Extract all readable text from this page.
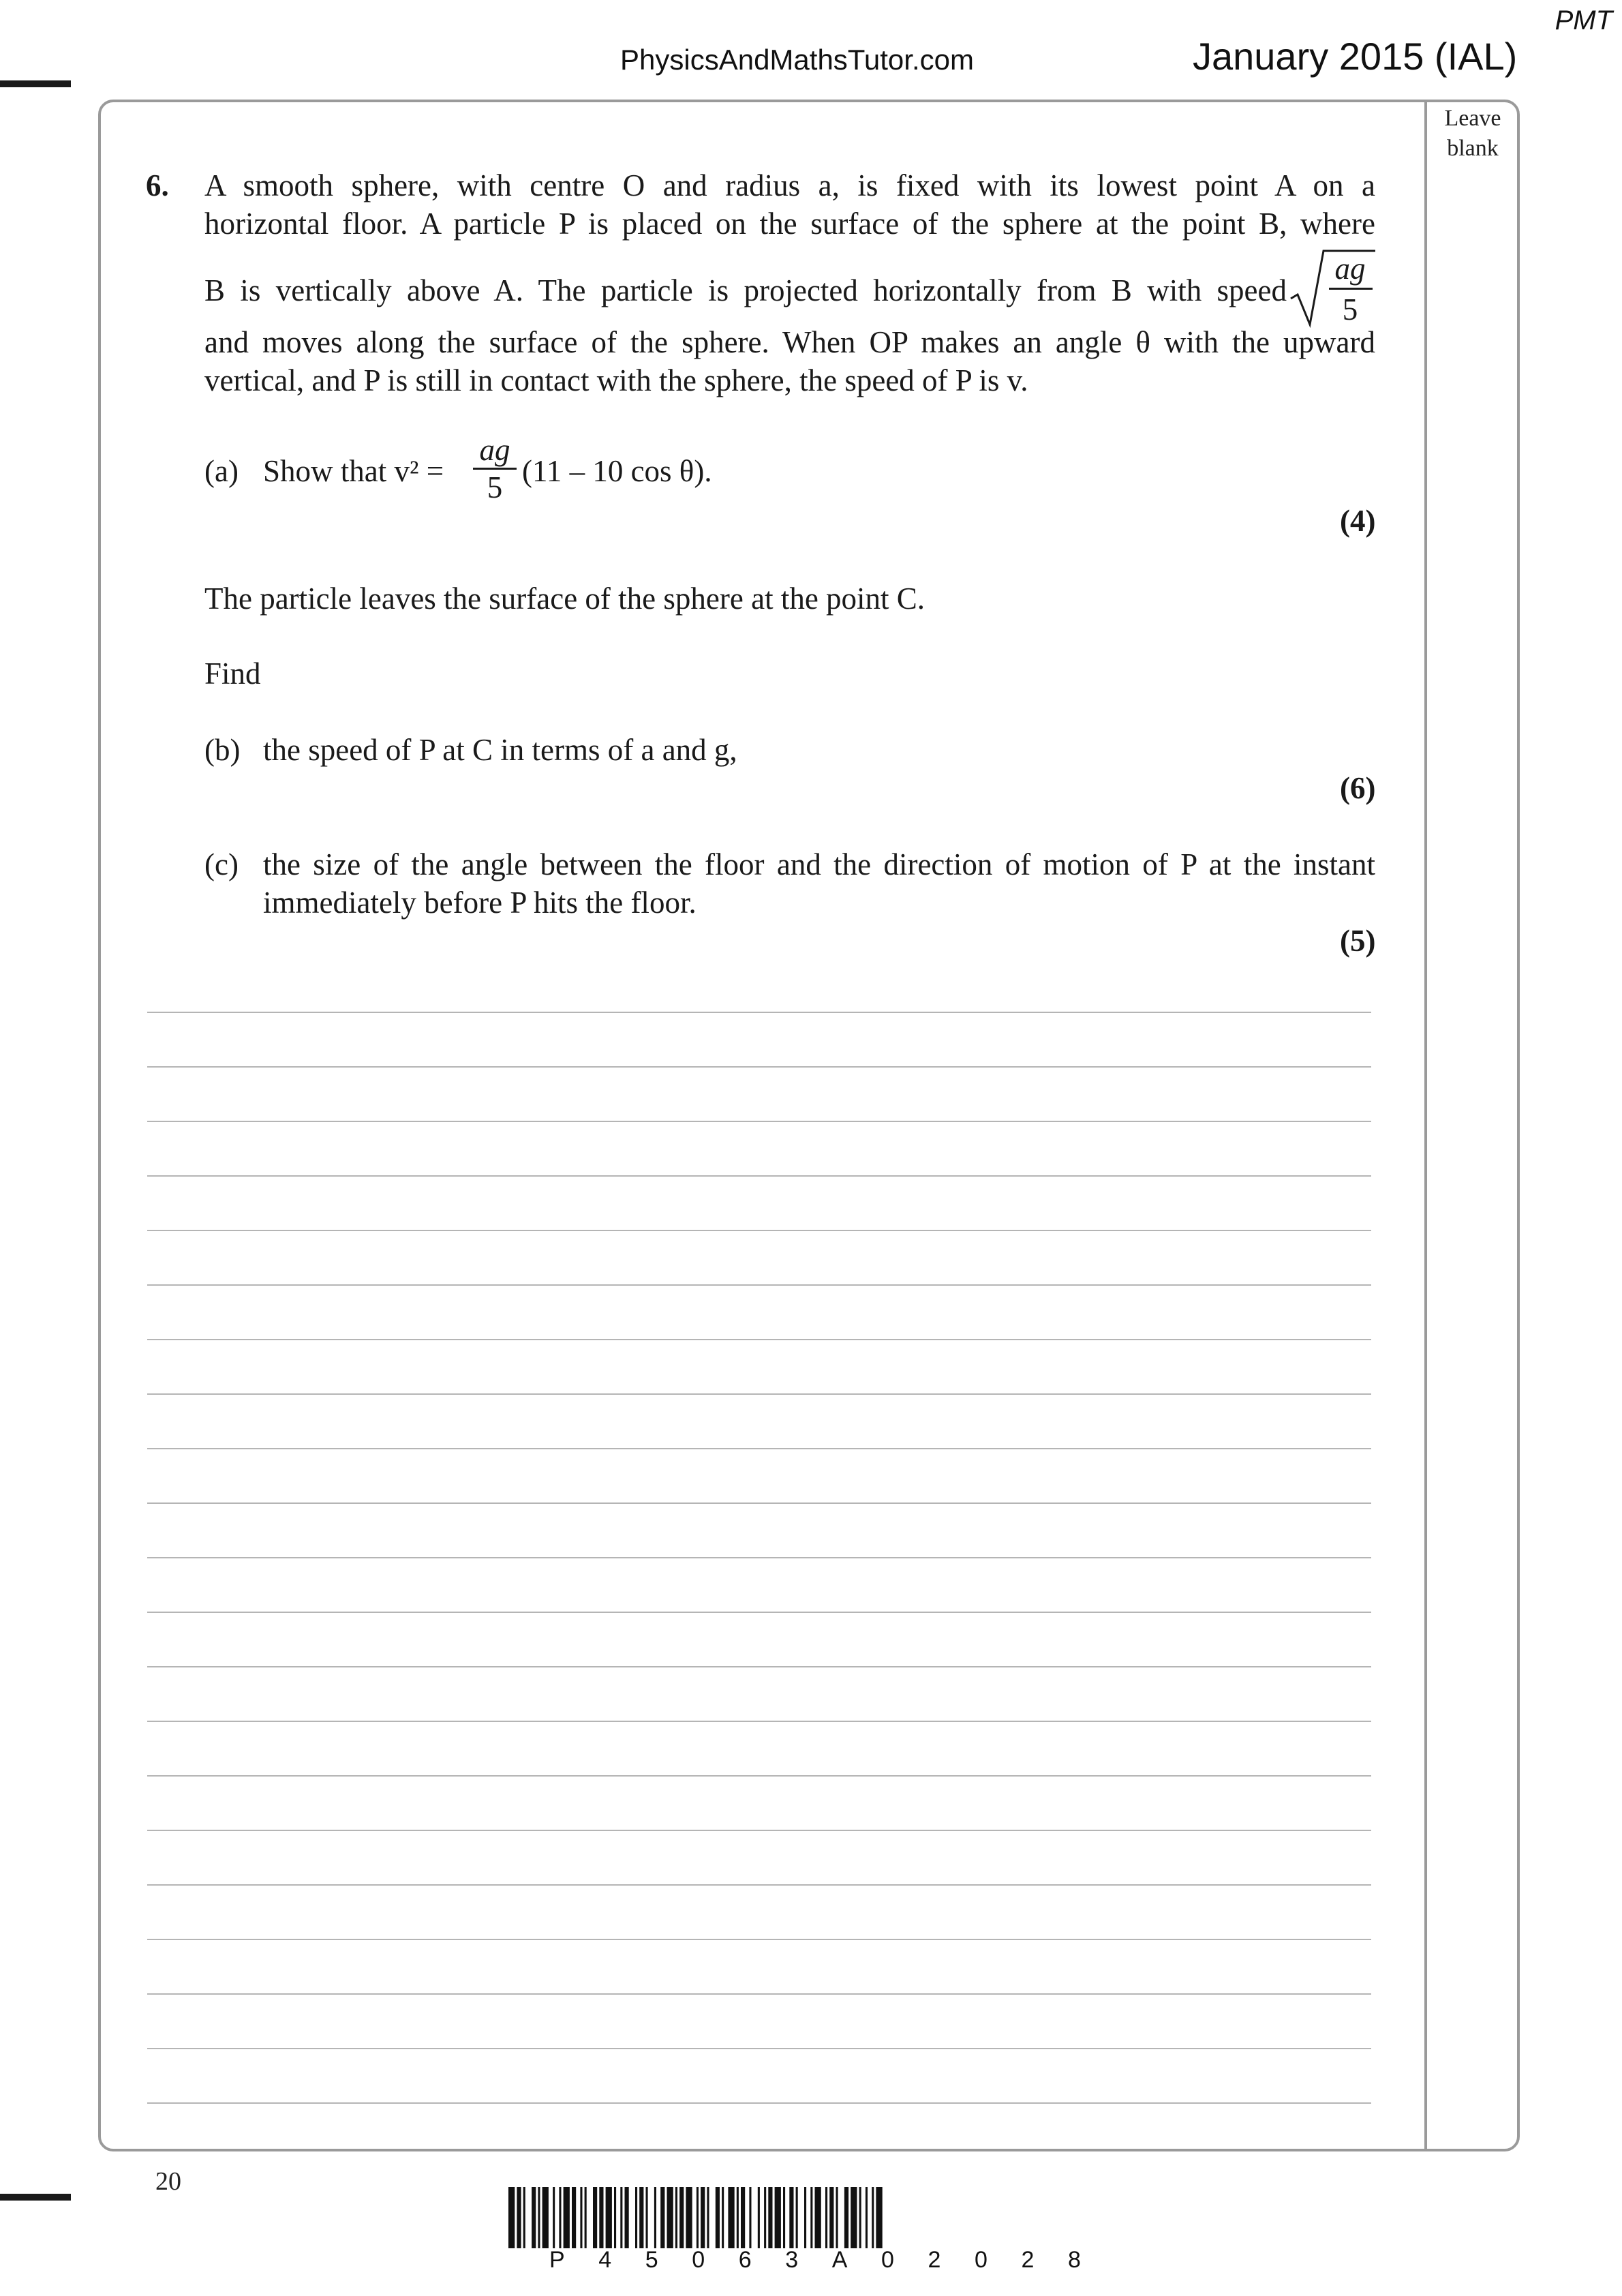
PMT
PhysicsAndMathsTutor.com	January 2015 (IAL)
Leave
blank
6. A smooth sphere, with centre O and radius a, is fixed with its lowest point A on a
horizontal floor. A particle P is placed on the surface of the sphere at the point B, where
B is vertically above A. The particle is projected horizontally from B with speed
ag
5
and moves along the surface of the sphere. When OP makes an angle θ with the upward
vertical, and P is still in contact with the sphere, the speed of P is v.
(a) Show that v² =
ag
5 (11 – 10 cos θ).
(4)
The particle leaves the surface of the sphere at the point C.
Find
(b) the speed of P at C in terms of a and g,
(6)
(c) the size of the angle between the floor and the direction of motion of P at the instant
immediately before P hits the floor.
(5)
20
P 4 5 0 6 3 A 0 2 0 2 8
